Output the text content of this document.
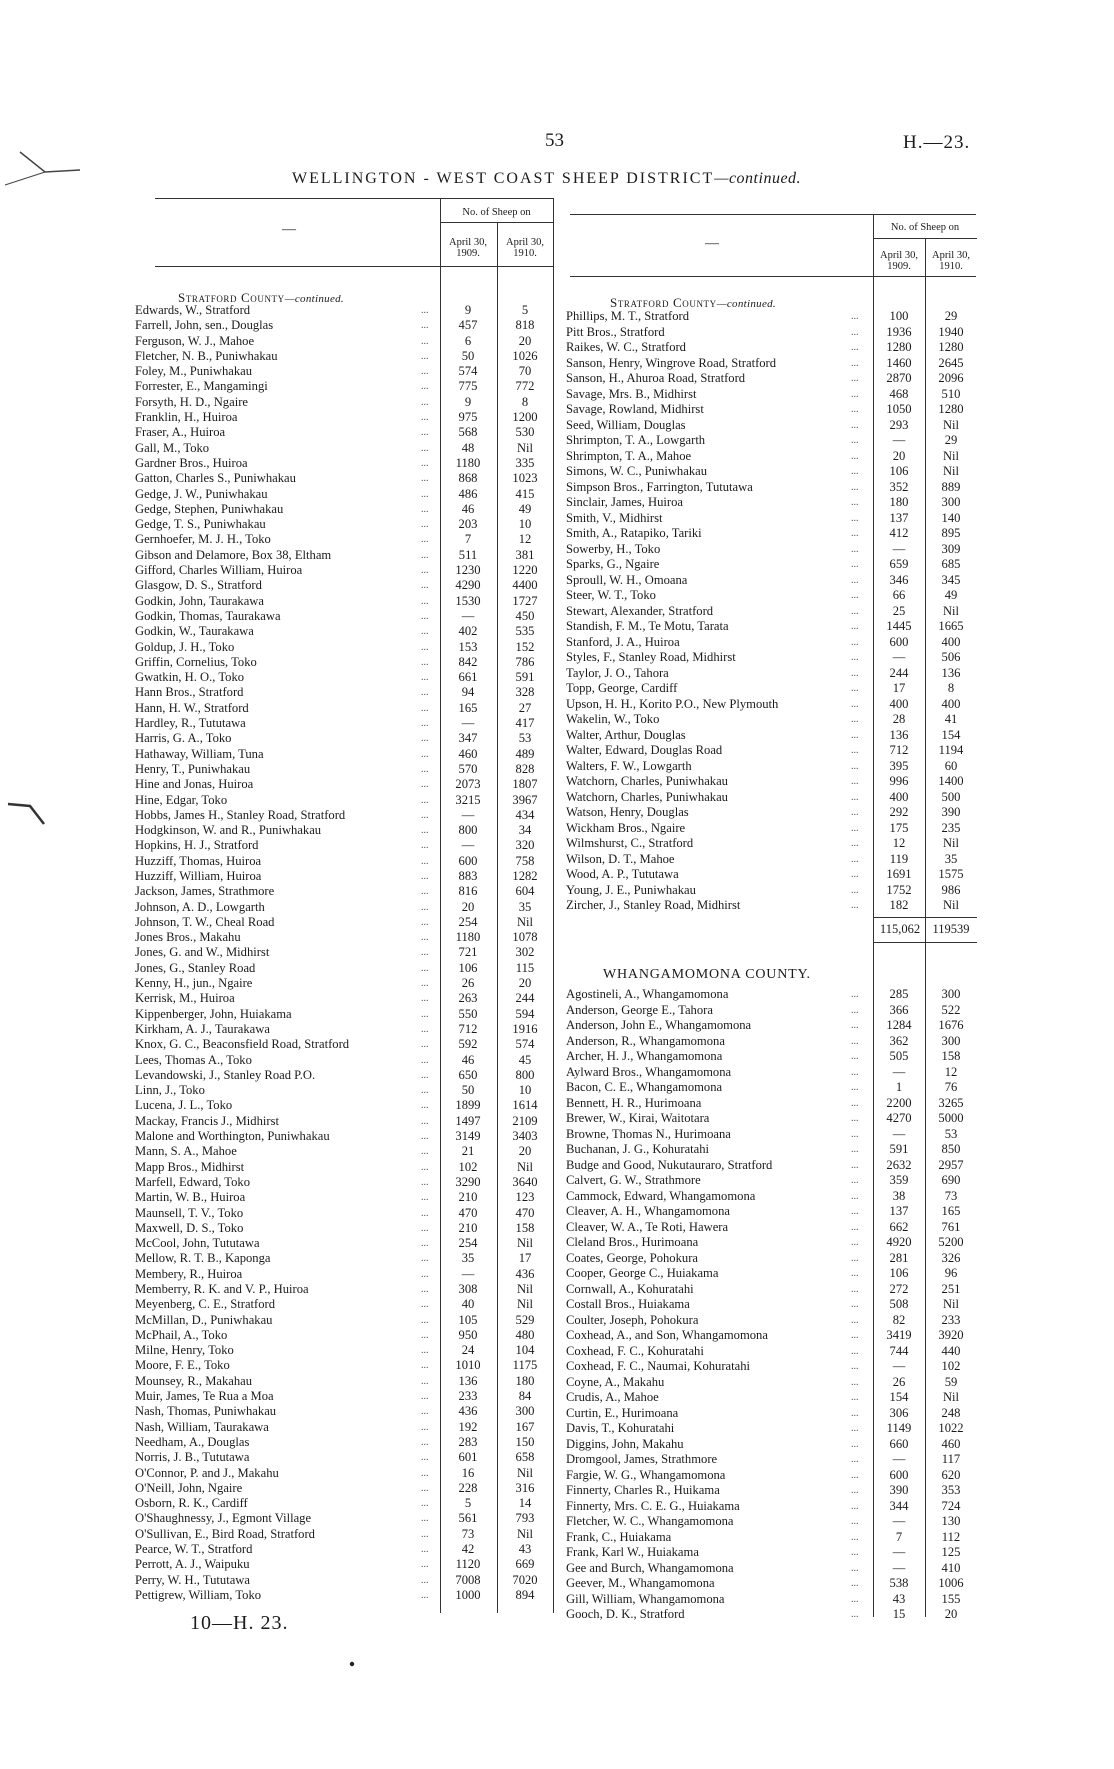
53	H.—23.
WELLINGTON - WEST COAST SHEEP DISTRICT—continued.
—
No. of Sheep on
April 30,
1909.
April 30,
1910.
Stratford County—continued.
Edwards, W., Stratford	...	9	5
Farrell, John, sen., Douglas	...	457	818
Ferguson, W. J., Mahoe	...	6	20
Fletcher, N. B., Puniwhakau	...	50	1026
Foley, M., Puniwhakau	...	574	70
Forrester, E., Mangamingi	...	775	772
Forsyth, H. D., Ngaire	...	9	8
Franklin, H., Huiroa	...	975	1200
Fraser, A., Huiroa	...	568	530
Gall, M., Toko	...	48	Nil
Gardner Bros., Huiroa	...	1180	335
Gatton, Charles S., Puniwhakau	...	868	1023
Gedge, J. W., Puniwhakau	...	486	415
Gedge, Stephen, Puniwhakau	...	46	49
Gedge, T. S., Puniwhakau	...	203	10
Gernhoefer, M. J. H., Toko	...	7	12
Gibson and Delamore, Box 38, Eltham	...	511	381
Gifford, Charles William, Huiroa	...	1230	1220
Glasgow, D. S., Stratford	...	4290	4400
Godkin, John, Taurakawa	...	1530	1727
Godkin, Thomas, Taurakawa	...	—	450
Godkin, W., Taurakawa	...	402	535
Goldup, J. H., Toko	...	153	152
Griffin, Cornelius, Toko	...	842	786
Gwatkin, H. O., Toko	...	661	591
Hann Bros., Stratford	...	94	328
Hann, H. W., Stratford	...	165	27
Hardley, R., Tututawa	...	—	417
Harris, G. A., Toko	...	347	53
Hathaway, William, Tuna	...	460	489
Henry, T., Puniwhakau	...	570	828
Hine and Jonas, Huiroa	...	2073	1807
Hine, Edgar, Toko	...	3215	3967
Hobbs, James H., Stanley Road, Stratford	...	—	434
Hodgkinson, W. and R., Puniwhakau	...	800	34
Hopkins, H. J., Stratford	...	—	320
Huzziff, Thomas, Huiroa	...	600	758
Huzziff, William, Huiroa	...	883	1282
Jackson, James, Strathmore	...	816	604
Johnson, A. D., Lowgarth	...	20	35
Johnson, T. W., Cheal Road	...	254	Nil
Jones Bros., Makahu	...	1180	1078
Jones, G. and W., Midhirst	...	721	302
Jones, G., Stanley Road	...	106	115
Kenny, H., jun., Ngaire	...	26	20
Kerrisk, M., Huiroa	...	263	244
Kippenberger, John, Huiakama	...	550	594
Kirkham, A. J., Taurakawa	...	712	1916
Knox, G. C., Beaconsfield Road, Stratford	...	592	574
Lees, Thomas A., Toko	...	46	45
Levandowski, J., Stanley Road P.O.	...	650	800
Linn, J., Toko	...	50	10
Lucena, J. L., Toko	...	1899	1614
Mackay, Francis J., Midhirst	...	1497	2109
Malone and Worthington, Puniwhakau	...	3149	3403
Mann, S. A., Mahoe	...	21	20
Mapp Bros., Midhirst	...	102	Nil
Marfell, Edward, Toko	...	3290	3640
Martin, W. B., Huiroa	...	210	123
Maunsell, T. V., Toko	...	470	470
Maxwell, D. S., Toko	...	210	158
McCool, John, Tututawa	...	254	Nil
Mellow, R. T. B., Kaponga	...	35	17
Membery, R., Huiroa	...	—	436
Memberry, R. K. and V. P., Huiroa	...	308	Nil
Meyenberg, C. E., Stratford	...	40	Nil
McMillan, D., Puniwhakau	...	105	529
McPhail, A., Toko	...	950	480
Milne, Henry, Toko	...	24	104
Moore, F. E., Toko	...	1010	1175
Mounsey, R., Makahau	...	136	180
Muir, James, Te Rua a Moa	...	233	84
Nash, Thomas, Puniwhakau	...	436	300
Nash, William, Taurakawa	...	192	167
Needham, A., Douglas	...	283	150
Norris, J. B., Tututawa	...	601	658
O'Connor, P. and J., Makahu	...	16	Nil
O'Neill, John, Ngaire	...	228	316
Osborn, R. K., Cardiff	...	5	14
O'Shaughnessy, J., Egmont Village	...	561	793
O'Sullivan, E., Bird Road, Stratford	...	73	Nil
Pearce, W. T., Stratford	...	42	43
Perrott, A. J., Waipuku	...	1120	669
Perry, W. H., Tututawa	...	7008	7020
Pettigrew, William, Toko	...	1000	894
10—H. 23.
—
No. of Sheep on
April 30,
1909.
April 30,
1910.
Stratford County—continued.
Phillips, M. T., Stratford	...	100	29
Pitt Bros., Stratford	...	1936	1940
Raikes, W. C., Stratford	...	1280	1280
Sanson, Henry, Wingrove Road, Stratford	...	1460	2645
Sanson, H., Ahuroa Road, Stratford	...	2870	2096
Savage, Mrs. B., Midhirst	...	468	510
Savage, Rowland, Midhirst	...	1050	1280
Seed, William, Douglas	...	293	Nil
Shrimpton, T. A., Lowgarth	...	—	29
Shrimpton, T. A., Mahoe	...	20	Nil
Simons, W. C., Puniwhakau	...	106	Nil
Simpson Bros., Farrington, Tututawa	...	352	889
Sinclair, James, Huiroa	...	180	300
Smith, V., Midhirst	...	137	140
Smith, A., Ratapiko, Tariki	...	412	895
Sowerby, H., Toko	...	—	309
Sparks, G., Ngaire	...	659	685
Sproull, W. H., Omoana	...	346	345
Steer, W. T., Toko	...	66	49
Stewart, Alexander, Stratford	...	25	Nil
Standish, F. M., Te Motu, Tarata	...	1445	1665
Stanford, J. A., Huiroa	...	600	400
Styles, F., Stanley Road, Midhirst	...	—	506
Taylor, J. O., Tahora	...	244	136
Topp, George, Cardiff	...	17	8
Upson, H. H., Korito P.O., New Plymouth	...	400	400
Wakelin, W., Toko	...	28	41
Walter, Arthur, Douglas	...	136	154
Walter, Edward, Douglas Road	...	712	1194
Walters, F. W., Lowgarth	...	395	60
Watchorn, Charles, Puniwhakau	...	996	1400
Watchorn, Charles, Puniwhakau	...	400	500
Watson, Henry, Douglas	...	292	390
Wickham Bros., Ngaire	...	175	235
Wilmshurst, C., Stratford	...	12	Nil
Wilson, D. T., Mahoe	...	119	35
Wood, A. P., Tututawa	...	1691	1575
Young, J. E., Puniwhakau	...	1752	986
Zircher, J., Stanley Road, Midhirst	...	182	Nil
115,062 119539
WHANGAMOMONA COUNTY.
Agostineli, A., Whangamomona	...	285	300
Anderson, George E., Tahora	...	366	522
Anderson, John E., Whangamomona	...	1284	1676
Anderson, R., Whangamomona	...	362	300
Archer, H. J., Whangamomona	...	505	158
Aylward Bros., Whangamomona	...	—	12
Bacon, C. E., Whangamomona	...	1	76
Bennett, H. R., Hurimoana	...	2200	3265
Brewer, W., Kirai, Waitotara	...	4270	5000
Browne, Thomas N., Hurimoana	...	—	53
Buchanan, J. G., Kohuratahi	...	591	850
Budge and Good, Nukutauraro, Stratford	...	2632	2957
Calvert, G. W., Strathmore	...	359	690
Cammock, Edward, Whangamomona	...	38	73
Cleaver, A. H., Whangamomona	...	137	165
Cleaver, W. A., Te Roti, Hawera	...	662	761
Cleland Bros., Hurimoana	...	4920	5200
Coates, George, Pohokura	...	281	326
Cooper, George C., Huiakama	...	106	96
Cornwall, A., Kohuratahi	...	272	251
Costall Bros., Huiakama	...	508	Nil
Coulter, Joseph, Pohokura	...	82	233
Coxhead, A., and Son, Whangamomona	...	3419	3920
Coxhead, F. C., Kohuratahi	...	744	440
Coxhead, F. C., Naumai, Kohuratahi	...	—	102
Coyne, A., Makahu	...	26	59
Crudis, A., Mahoe	...	154	Nil
Curtin, E., Hurimoana	...	306	248
Davis, T., Kohuratahi	...	1149	1022
Diggins, John, Makahu	...	660	460
Dromgool, James, Strathmore	...	—	117
Fargie, W. G., Whangamomona	...	600	620
Finnerty, Charles R., Huikama	...	390	353
Finnerty, Mrs. C. E. G., Huiakama	...	344	724
Fletcher, W. C., Whangamomona	...	—	130
Frank, C., Huiakama	...	7	112
Frank, Karl W., Huiakama	...	—	125
Gee and Burch, Whangamomona	...	—	410
Geever, M., Whangamomona	...	538	1006
Gill, William, Whangamomona	...	43	155
Gooch, D. K., Stratford	...	15	20
